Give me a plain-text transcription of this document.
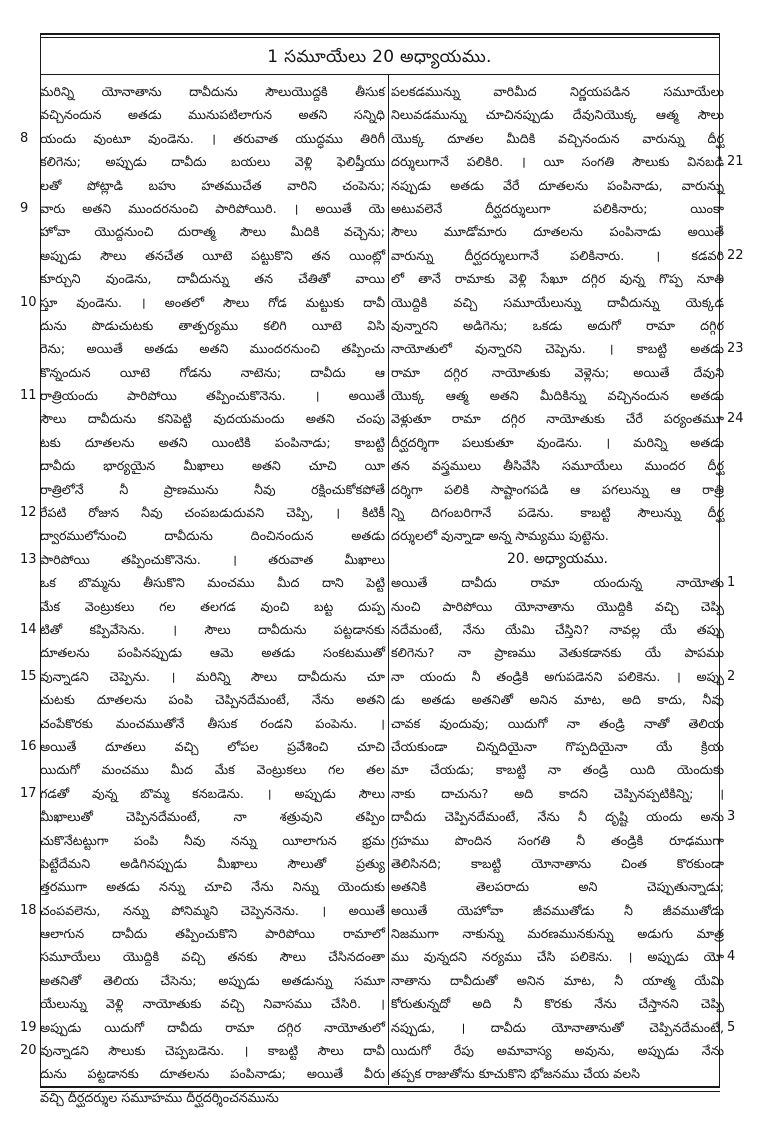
1 సమూయేలు 20 అధ్యాయము.
మరిన్ని యోనాతాను దావీదును సౌలుయొద్దకి తీసుక
వచ్చినందున అతడు మునుపటిలాగున అతని సన్నిధి
యందు వుంటూ వుండెను. । తరువాత యుద్ధము తిరిగీ
8
కలిగెను; అప్పుడు దావీదు బయలు వెళ్లి ఫెలిష్తీయు
లతో పోట్లాడి బహు హతముచేత వారిని చంపెను;
వారు అతని ముందరనుంచి పారిపోయిరి. । అయితే యె
9
హోవా యొద్దనుంచి దురాత్మ సౌలు మీదికి వచ్చెను;
అప్పుడు సౌలు తనచేత యీటె పట్టుకొని తన యింట్లో
కూర్చుని వుండెను, దావీదున్ను తన చేతితో వాయి
స్తూ వుండెను. । అంతలో సౌలు గోడ మట్టుకు దావీ
10
దును పొడుచుటకు తాత్పర్యము కలిగి యీటె విసి
రెను; అయితే అతడు అతని ముందరనుంచి తప్పించు
కొన్నందున యీటె గోడను నాటెను; దావీదు ఆ
రాత్రియందు పారిపోయి తప్పించుకొనెను. । అయితే
11
సౌలు దావీదును కనిపెట్టి వుదయమందు అతని చంపు
టకు దూతలను అతని యింటికి పంపినాడు; కాబట్టి
దావీదు భార్యయైన మీఖాలు అతని చూచి యీ
రాత్రిలోనే నీ ప్రాణమును నీవు రక్షించుకోకపోతే
రేపటి రోజున నీవు చంపబడుదువని చెప్పి, । కిటికీ
12
ద్వారములోనుంచి దావీదును దించినందున అతడు
పారిపోయి తప్పించుకొనెను. । తరువాత మీఖాలు
13
ఒక బొమ్మను తీసుకొని మంచము మీద దాని పెట్టి
మేక వెంట్రుకలు గల తలగడ వుంచి బట్ట దుప్ప
టితో కప్పివేసెను. । సౌలు దావీదును పట్టడానకు
14
దూతలను పంపినప్పుడు ఆమె అతడు సంకటముతో
వున్నాడని చెప్పెను. । మరిన్ని సౌలు దావీదును చూ
15
చుటకు దూతలను పంపి చెప్పినదేమంటే, నేను అతని
చంపేకొరకు మంచముతోనే తీసుక రండని పంపెను. ।
అయితే దూతలు వచ్చి లోపల ప్రవేశించి చూచి
16
యిదుగో మంచము మీద మేక వెంట్రుకలు గల తల
గడతో వున్న బొమ్మ కనబడెను. । అప్పుడు సౌలు
17
మీఖాలుతో చెప్పినదేమంటే, నా శత్రువుని తప్పిం
చుకొనేటట్టుగా పంపి నీవు నన్ను యీలాగున భ్రమ
పెట్టేదేమని అడిగినప్పుడు మీఖాలు సౌలుతో ప్రత్యు
త్తరముగా అతడు నన్ను చూచి నేను నిన్ను యెందుకు
చంపవలెను, నన్ను పోనిమ్మని చెప్పెననెను. । అయితే
18
ఆలాగున దావీదు తప్పించుకొని పారిపోయి రామాలో
సమూయేలు యొద్దికి వచ్చి తనకు సౌలు చేసినదంతా
అతనితో తెలియ చేసెను; అప్పుడు అతడున్ను సమూ
యేలున్ను వెళ్లి నాయోతుకు వచ్చి నివాసము చేసిరి. ।
అప్పుడు యిదుగో దావీదు రామా దగ్గిర నాయోతులో
19
వున్నాడని సౌలుకు చెప్పబడెను. । కాబట్టి సౌలు దావీ
20
దును పట్టడానకు దూతలను పంపినాడు; అయితే వీరు
వచ్చి దీర్ఘదర్శుల సమూహము దీర్ఘదర్శించనమును
పలకడమున్ను వారిమీద నిర్ణయపడిన సమూయేలు
నిలువడమున్ను చూచినప్పుడు దేవునియొక్క ఆత్మ సౌలు
యొక్క దూతల మీదికి వచ్చినందున వారున్ను దీర్ఘ
దర్శులుగానే పలికిరి. । యీ సంగతి సౌలుకు వినబడి 21
నప్పుడు అతడు వేరే దూతలను పంపినాడు, వారున్ను
అటువలెనే దీర్ఘదర్శులుగా పలికినారు; యింకా
సౌలు మూడోమారు దూతలను పంపినాడు అయితే
వారున్ను దీర్ఘదర్శులుగానే పలికినారు. । కడవరి 22
లో తానే రామాకు వెళ్లి సేఖూ దగ్గిర వున్న గొప్ప నూతి
యొద్దికి వచ్చి సమూయేలున్ను దావీదున్ను యెక్కడ
వున్నారని అడిగెను; ఒకడు అదుగో రామా దగ్గిర
నాయోతులో వున్నారని చెప్పెను. । కాబట్టి అతడు 23
రామా దగ్గిర నాయోతుకు వెళ్లెను; అయితే దేవుని
యొక్క ఆత్మ అతని మీదికిన్ను వచ్చినందున అతడు
వెళ్లుతూ రామా దగ్గిర నాయోతుకు చేరే పర్యంతమూ 24
దీర్ఘదర్శిగా పలుకుతూ వుండెను. । మరిన్ని అతడు
తన వస్త్రములు తీసివేసి సమూయేలు ముందర దీర్ఘ
దర్శిగా పలికి సాష్టాంగపడి ఆ పగలున్ను ఆ రాత్రి
న్ని దిగంబరిగానే పడెను. కాబట్టి సౌలున్ను దీర్ఘ
దర్శులలో వున్నాడా అన్న సామ్యము పుట్టెను.
20. అధ్యాయము.
అయితే దావీదు రామా యందున్న నాయోతు 1
నుంచి పారిపోయి యోనాతాను యొద్దికి వచ్చి చెప్పి
నదేమంటే, నేను యేమి చేస్తిని? నావల్ల యే తప్పు
కలిగెను? నా ప్రాణము వెతుకడానకు యే పాపము
నా యందు నీ తండ్రికి అగుపడెనని పలికెను. । అప్పు 2
డు అతడు అతనితో అనిన మాట, అది కాదు, నీవు
చావక వుందువు; యిదుగో నా తండ్రి నాతో తెలియ
చేయకుండా చిన్నదియైనా గొప్పదియైనా యే క్రియ
మా చేయడు; కాబట్టి నా తండ్రి యిది యెందుకు
నాకు దాచును? అది కాదని చెప్పినప్పటికిన్ని; ।
దావీదు చెప్పినదేమంటే, నేను నీ దృష్టి యందు అను 3
గ్రహము పొందిన సంగతి నీ తండ్రికి రూఢముగా
తెలిసినది; కాబట్టి యోనాతాను చింత కొరకుండా
అతనికి తెలపరాదు అని చెప్పుతున్నాడు;
అయితే యెహోవా జీవముతోడు నీ జీవముతోడు
నిజముగా నాకున్ను మరణమునకున్ను అడుగు మాత్ర
ము వున్నదని నర్యము చేసి పలికెను. । అప్పుడు యో 4
నాతాను దావీదుతో అనిన మాట, నీ యాత్మ యేమి
కోరుతున్నదో అది నీ కొరకు నేను చేస్తానని చెప్పి
నప్పుడు, । దావీదు యోనాతానుతో చెప్పినదేమంటే, 5
యిదుగో రేపు అమావాస్య అవును, అప్పుడు నేను
తప్పక రాజుతోను కూచుకొని భోజనము చేయ వలసి
